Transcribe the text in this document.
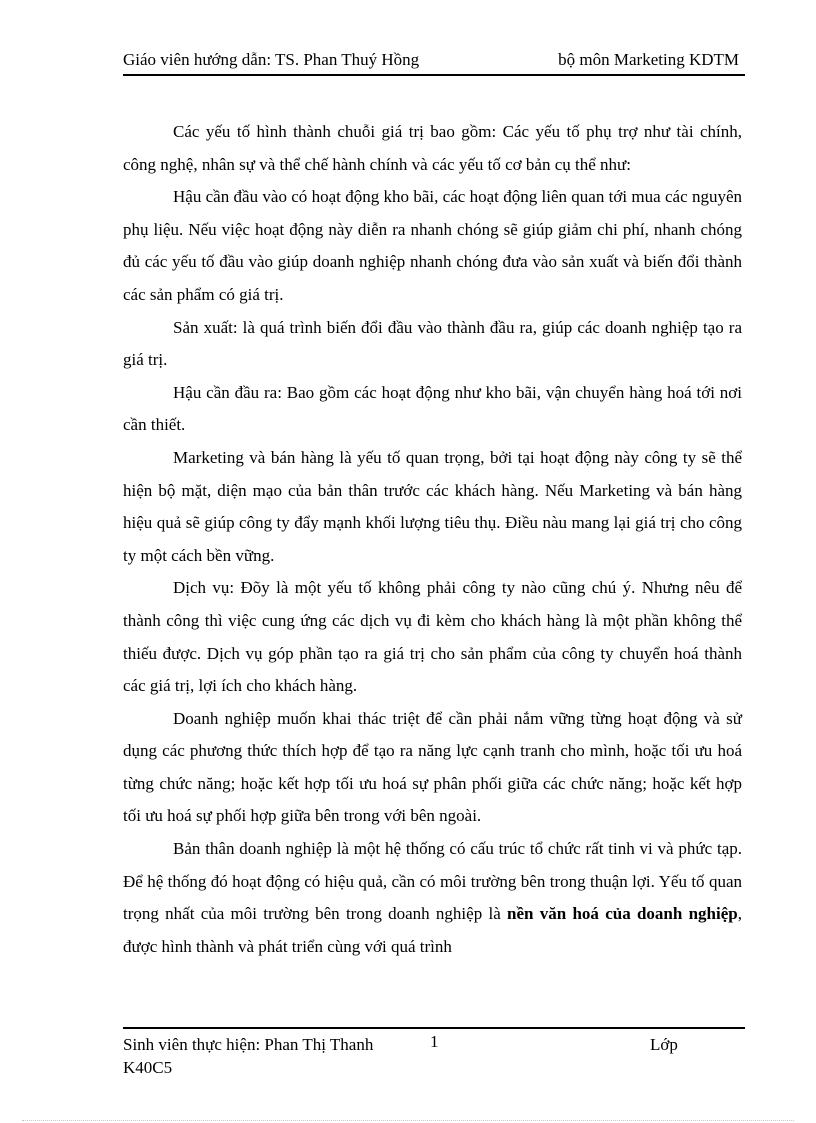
Giáo viên hướng dẫn: TS. Phan Thuý Hồng	bộ môn Marketing KDTM

Các yếu tố hình thành chuỗi giá trị bao gồm: Các yếu tố phụ trợ như tài chính, công nghệ, nhân sự và thể chế hành chính và các yếu tố cơ bản cụ thể như:

Hậu cần đầu vào có hoạt động kho bãi, các hoạt động liên quan tới mua các nguyên phụ liệu. Nếu việc hoạt động này diễn ra nhanh chóng sẽ giúp giảm chi phí, nhanh chóng đủ các yếu tố đầu vào giúp doanh nghiệp nhanh chóng đưa vào sản xuất và biến đổi thành các sản phẩm có giá trị.

Sản xuất: là quá trình biến đổi đầu vào thành đầu ra, giúp các doanh nghiệp tạo ra giá trị.

Hậu cần đầu ra: Bao gồm các hoạt động như kho bãi, vận chuyển hàng hoá tới nơi cần thiết.

Marketing và bán hàng là yếu tố quan trọng, bởi tại hoạt động này công ty sẽ thể hiện bộ mặt, diện mạo của bản thân trước các khách hàng. Nếu Marketing và bán hàng hiệu quả sẽ giúp công ty đẩy mạnh khối lượng tiêu thụ. Điều nàu mang lại giá trị cho công ty một cách bền vững.

Dịch vụ: Đõy là một yếu tố không phải công ty nào cũng chú ý. Nhưng nêu để thành công thì việc cung ứng các dịch vụ đi kèm cho khách hàng là một phần không thể thiếu được. Dịch vụ góp phần tạo ra giá trị cho sản phẩm của công ty chuyển hoá thành các giá trị, lợi ích cho khách hàng.

Doanh nghiệp muốn khai thác triệt để cần phải nắm vững từng hoạt động và sử dụng các phương thức thích hợp để tạo ra năng lực cạnh tranh cho mình, hoặc tối ưu hoá từng chức năng; hoặc kết hợp tối ưu hoá sự phân phối giữa các chức năng; hoặc kết hợp tối ưu hoá sự phối hợp giữa bên trong với bên ngoài.

Bản thân doanh nghiệp là một hệ thống có cấu trúc tổ chức rất tinh vi và phức tạp. Để hệ thống đó hoạt động có hiệu quả, cần có môi trường bên trong thuận lợi. Yếu tố quan trọng nhất của môi trường bên trong doanh nghiệp là nền văn hoá của doanh nghiệp, được hình thành và phát triển cùng với quá trình

Sinh viên thực hiện: Phan Thị Thanh K40C5
1	Lớp
